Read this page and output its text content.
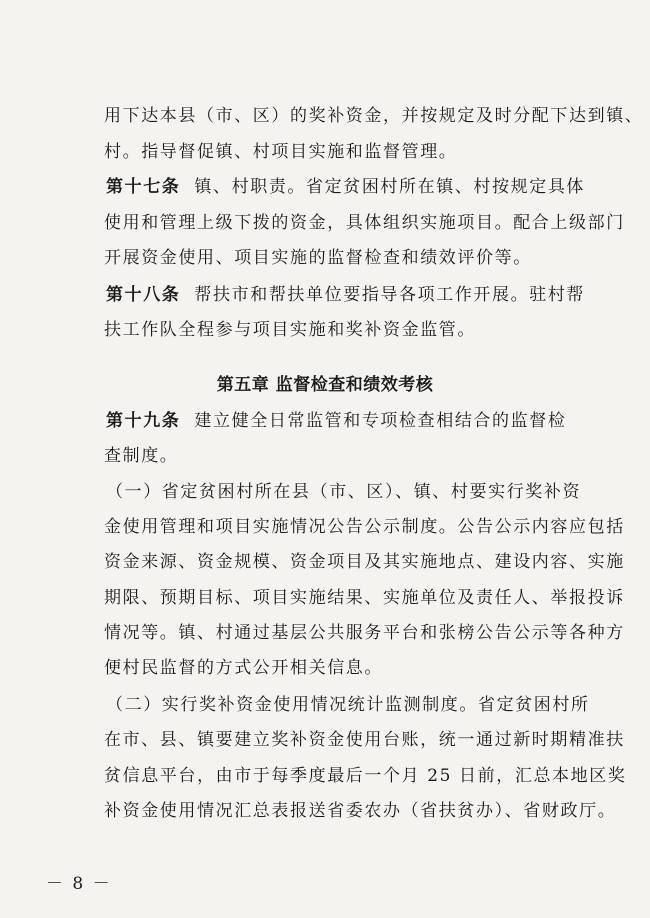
用下达本县（市、区）的奖补资金，并按规定及时分配下达到镇、
村。指导督促镇、村项目实施和监督管理。
第十七条 镇、村职责。省定贫困村所在镇、村按规定具体
使用和管理上级下拨的资金，具体组织实施项目。配合上级部门
开展资金使用、项目实施的监督检查和绩效评价等。
第十八条 帮扶市和帮扶单位要指导各项工作开展。驻村帮
扶工作队全程参与项目实施和奖补资金监管。
第五章 监督检查和绩效考核
第十九条 建立健全日常监管和专项检查相结合的监督检
查制度。
（一）省定贫困村所在县（市、区）、镇、村要实行奖补资
金使用管理和项目实施情况公告公示制度。公告公示内容应包括
资金来源、资金规模、资金项目及其实施地点、建设内容、实施
期限、预期目标、项目实施结果、实施单位及责任人、举报投诉
情况等。镇、村通过基层公共服务平台和张榜公告公示等各种方
便村民监督的方式公开相关信息。
（二）实行奖补资金使用情况统计监测制度。省定贫困村所
在市、县、镇要建立奖补资金使用台账，统一通过新时期精准扶
贫信息平台，由市于每季度最后一个月 25 日前，汇总本地区奖
补资金使用情况汇总表报送省委农办（省扶贫办）、省财政厅。
－ 8 －
